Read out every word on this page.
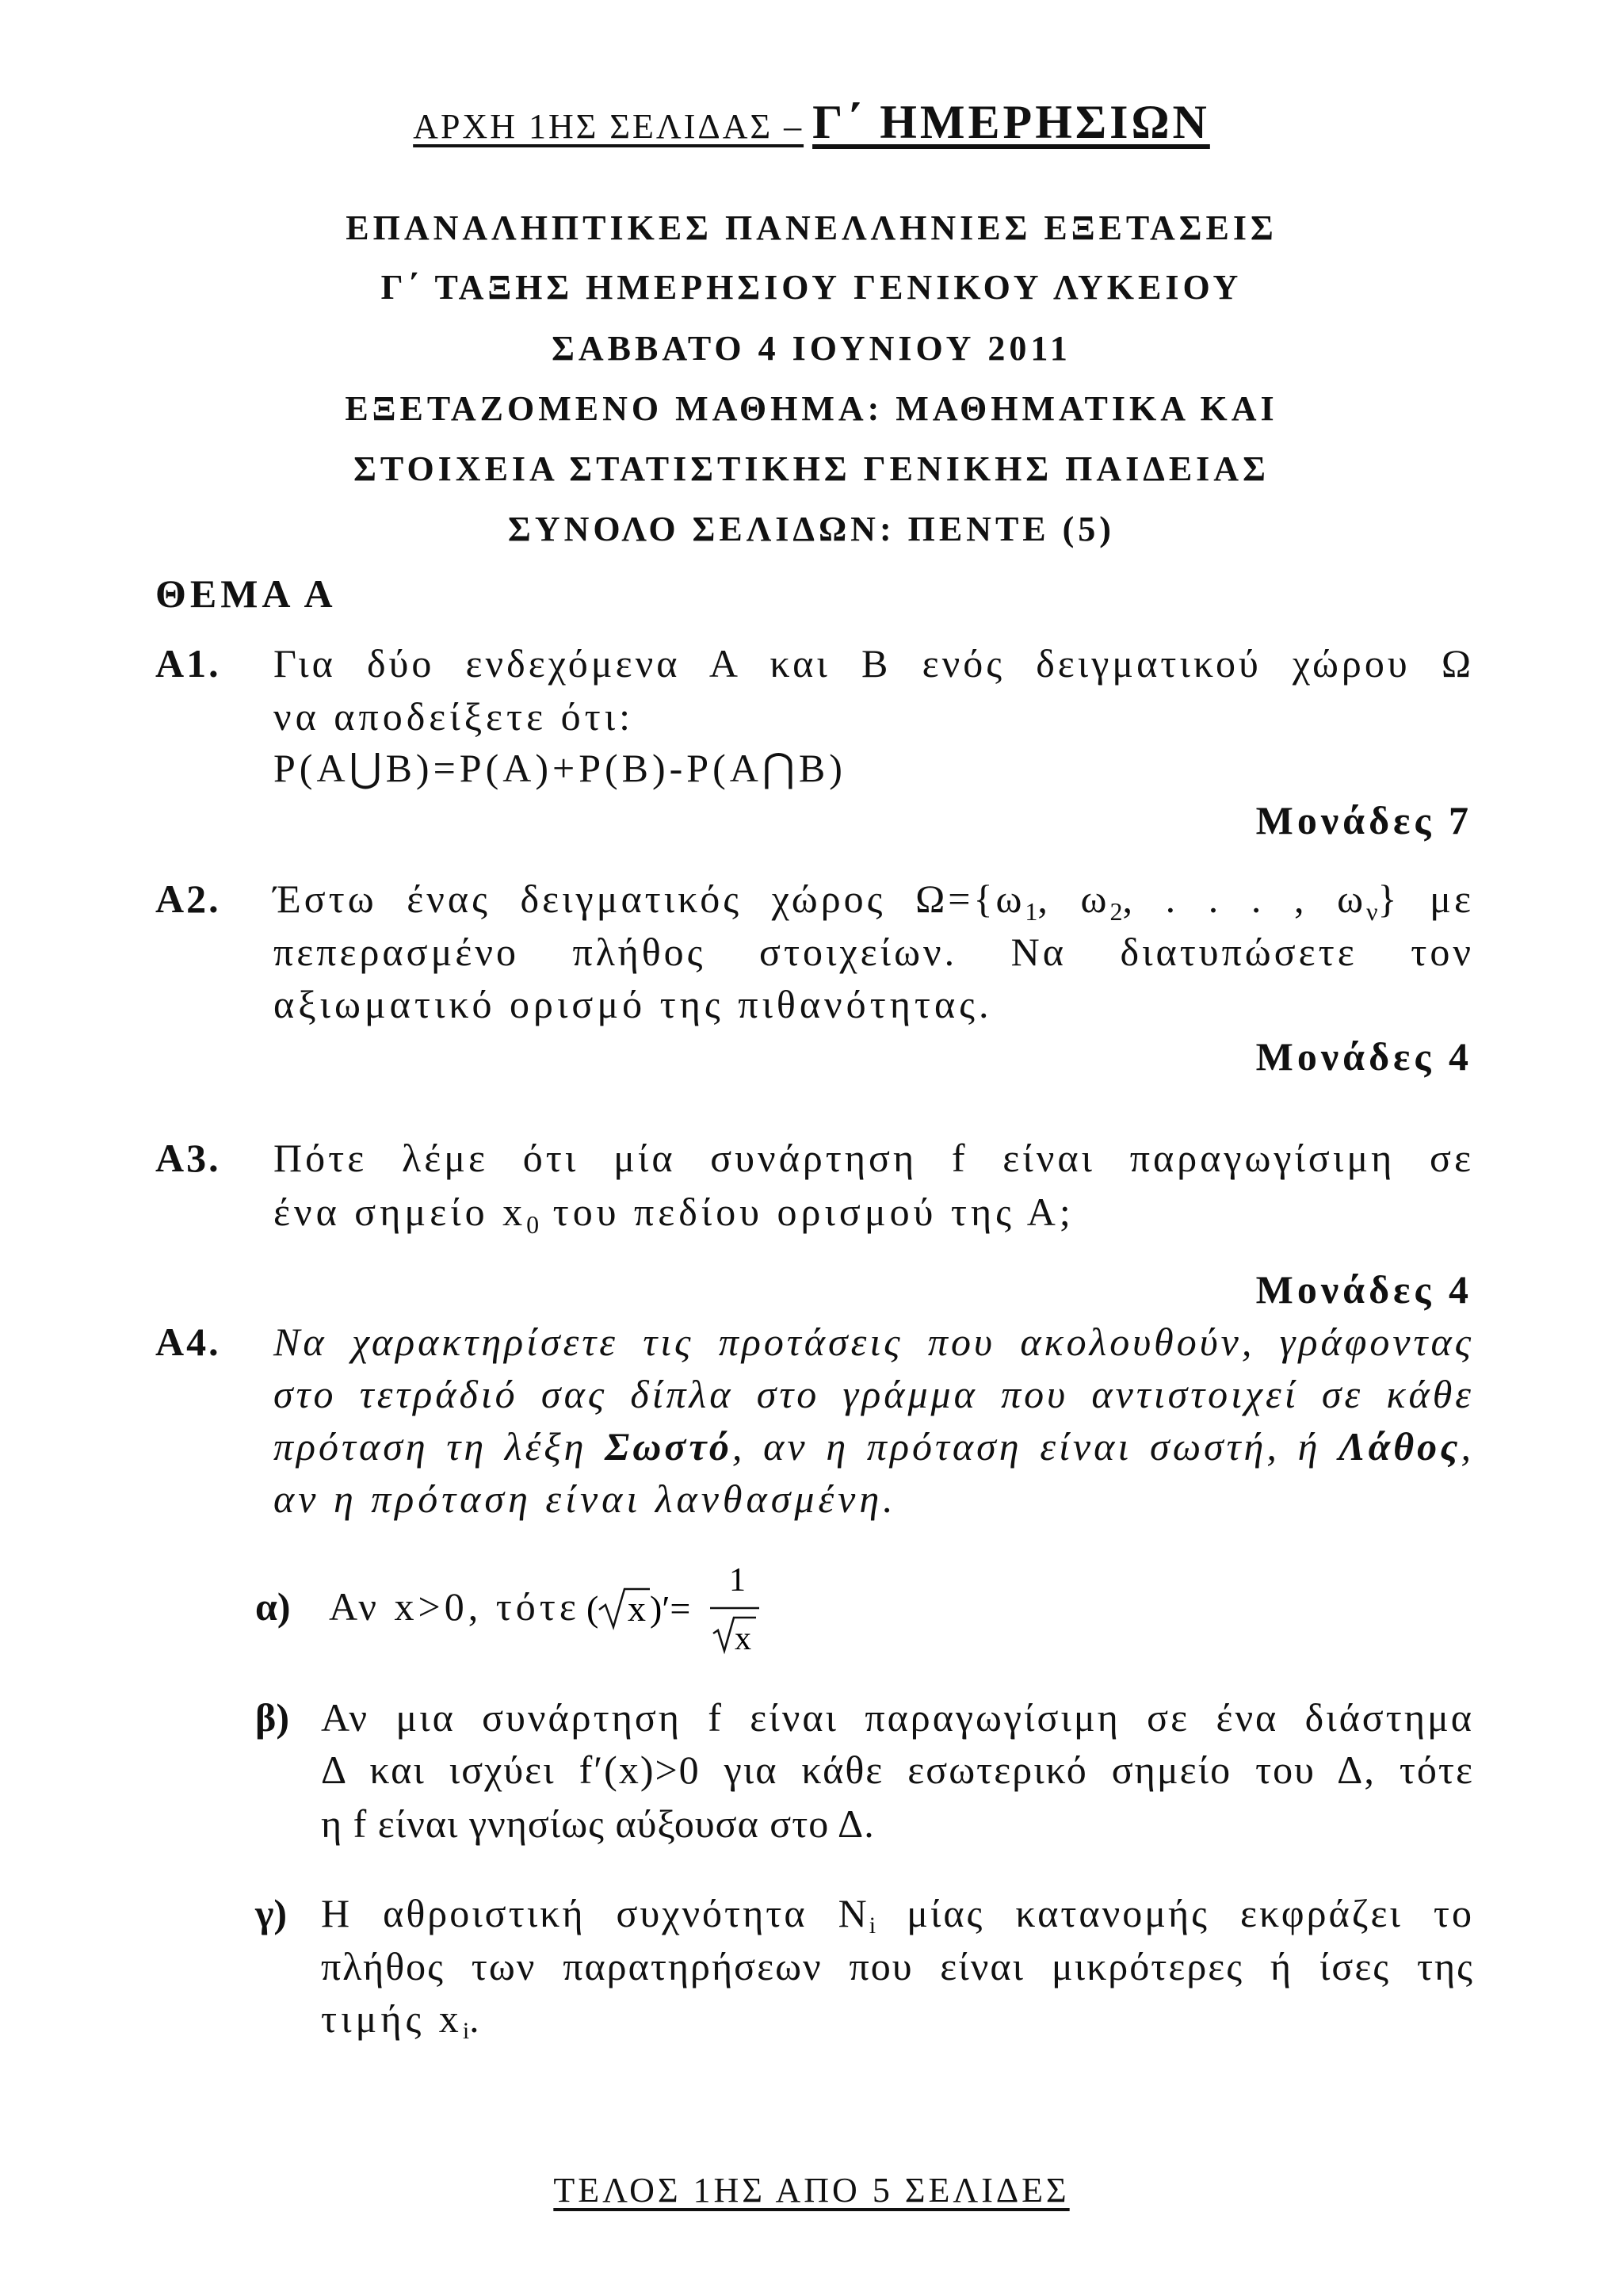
ΑΡΧΗ 1ΗΣ ΣΕΛΙΔΑΣ – Γ΄ ΗΜΕΡΗΣΙΩΝ
ΕΠΑΝΑΛΗΠΤΙΚΕΣ ΠΑΝΕΛΛΗΝΙΕΣ ΕΞΕΤΑΣΕΙΣ
Γ΄ ΤΑΞΗΣ ΗΜΕΡΗΣΙΟΥ ΓΕΝΙΚΟΥ ΛΥΚΕΙΟΥ
ΣΑΒΒΑΤΟ 4 ΙΟΥΝΙΟΥ 2011
ΕΞΕΤΑΖΟΜΕΝΟ ΜΑΘΗΜΑ: ΜΑΘΗΜΑΤΙΚΑ ΚΑΙ
ΣΤΟΙΧΕΙΑ ΣΤΑΤΙΣΤΙΚΗΣ ΓΕΝΙΚΗΣ ΠΑΙΔΕΙΑΣ
ΣΥΝΟΛΟ ΣΕΛΙΔΩΝ: ΠΕΝΤΕ (5)
ΘΕΜΑ Α
Α1. Για δύο ενδεχόμενα Α και Β ενός δειγματικού χώρου Ω
να αποδείξετε ότι:
P(Α⋃Β)=P(Α)+P(Β)-P(Α⋂Β)
Μονάδες 7
Α2. Έστω ένας δειγματικός χώρος $\Omega=\{\omega_1$, $\omega_2$, . . . , $\omega_\nu$} με
πεπερασμένο πλήθος στοιχείων. Να διατυπώσετε τον
αξιωματικό ορισμό της πιθανότητας.
Μονάδες 4
Α3. Πότε λέμε ότι μία συνάρτηση f είναι παραγωγίσιμη σε
ένα σημείο $x_0$ του πεδίου ορισμού της Α;
Μονάδες 4
Α4. Να χαρακτηρίσετε τις προτάσεις που ακολουθούν, γράφοντας
στο τετράδιό σας δίπλα στο γράμμα που αντιστοιχεί σε κάθε
πρόταση τη λέξη Σωστό, αν η πρόταση είναι σωστή, ή Λάθος,
αν η πρόταση είναι λανθασμένη.
α) Αν x>0, τότε ( x )′=
1
x
β) Αν μια συνάρτηση f είναι παραγωγίσιμη σε ένα διάστημα
Δ και ισχύει f′(x)>0 για κάθε εσωτερικό σημείο του Δ, τότε
η f είναι γνησίως αύξουσα στο Δ.
γ) Η αθροιστική συχνότητα Ni μίας κατανομής εκφράζει το
πλήθος των παρατηρήσεων που είναι μικρότερες ή ίσες της
τιμής xi.
ΤΕΛΟΣ 1ΗΣ ΑΠΟ 5 ΣΕΛΙΔΕΣ
